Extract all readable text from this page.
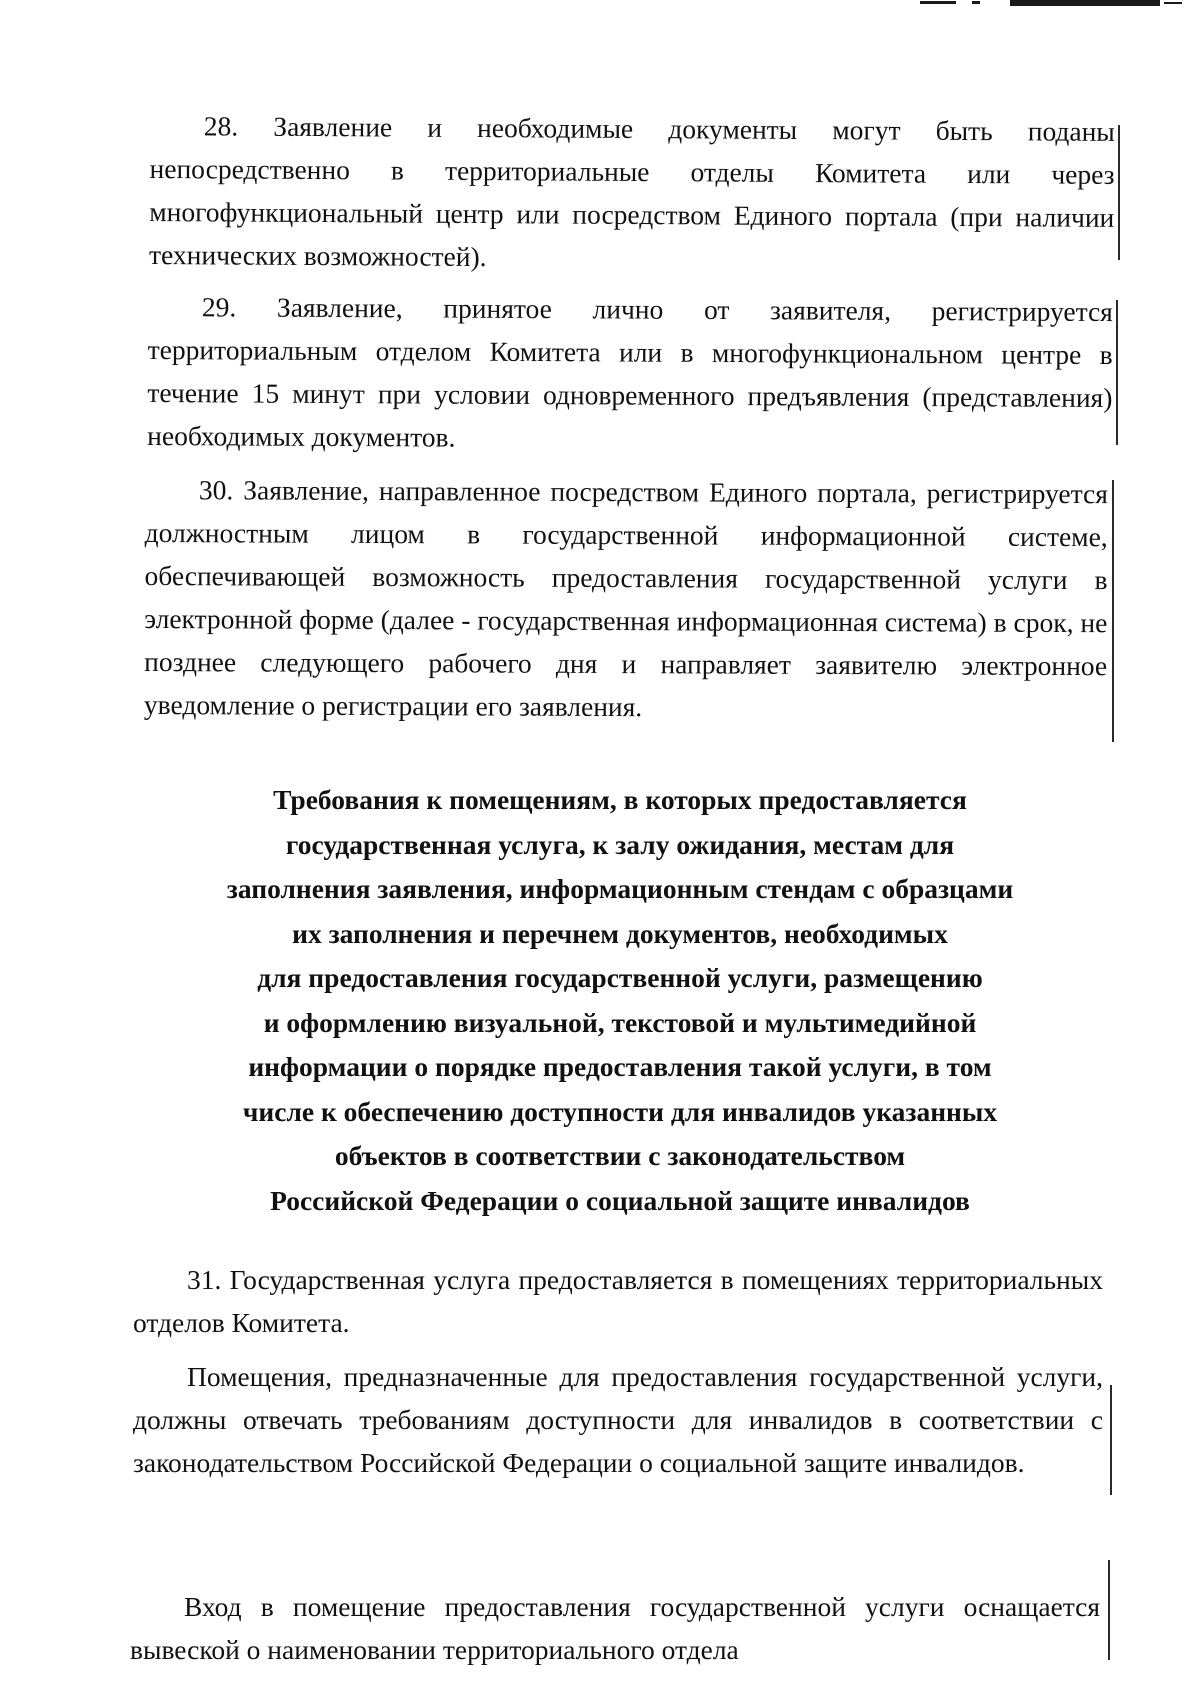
28. Заявление и необходимые документы могут быть поданы непосредственно в территориальные отделы Комитета или через многофункциональный центр или посредством Единого портала (при наличии технических возможностей).

29. Заявление, принятое лично от заявителя, регистрируется территориальным отделом Комитета или в многофункциональном центре в течение 15 минут при условии одновременного предъявления (представления) необходимых документов.

30. Заявление, направленное посредством Единого портала, регистрируется должностным лицом в государственной информационной системе, обеспечивающей возможность предоставления государственной услуги в электронной форме (далее - государственная информационная система) в срок, не позднее следующего рабочего дня и направляет заявителю электронное уведомление о регистрации его заявления.

Требования к помещениям, в которых предоставляется
государственная услуга, к залу ожидания, местам для
заполнения заявления, информационным стендам с образцами
их заполнения и перечнем документов, необходимых
для предоставления государственной услуги, размещению
и оформлению визуальной, текстовой и мультимедийной
информации о порядке предоставления такой услуги, в том
числе к обеспечению доступности для инвалидов указанных
объектов в соответствии с законодательством
Российской Федерации о социальной защите инвалидов

31. Государственная услуга предоставляется в помещениях территориальных отделов Комитета.

Помещения, предназначенные для предоставления государственной услуги, должны отвечать требованиям доступности для инвалидов в соответствии с законодательством Российской Федерации о социальной защите инвалидов.

Вход в помещение предоставления государственной услуги оснащается вывеской о наименовании территориального отдела
